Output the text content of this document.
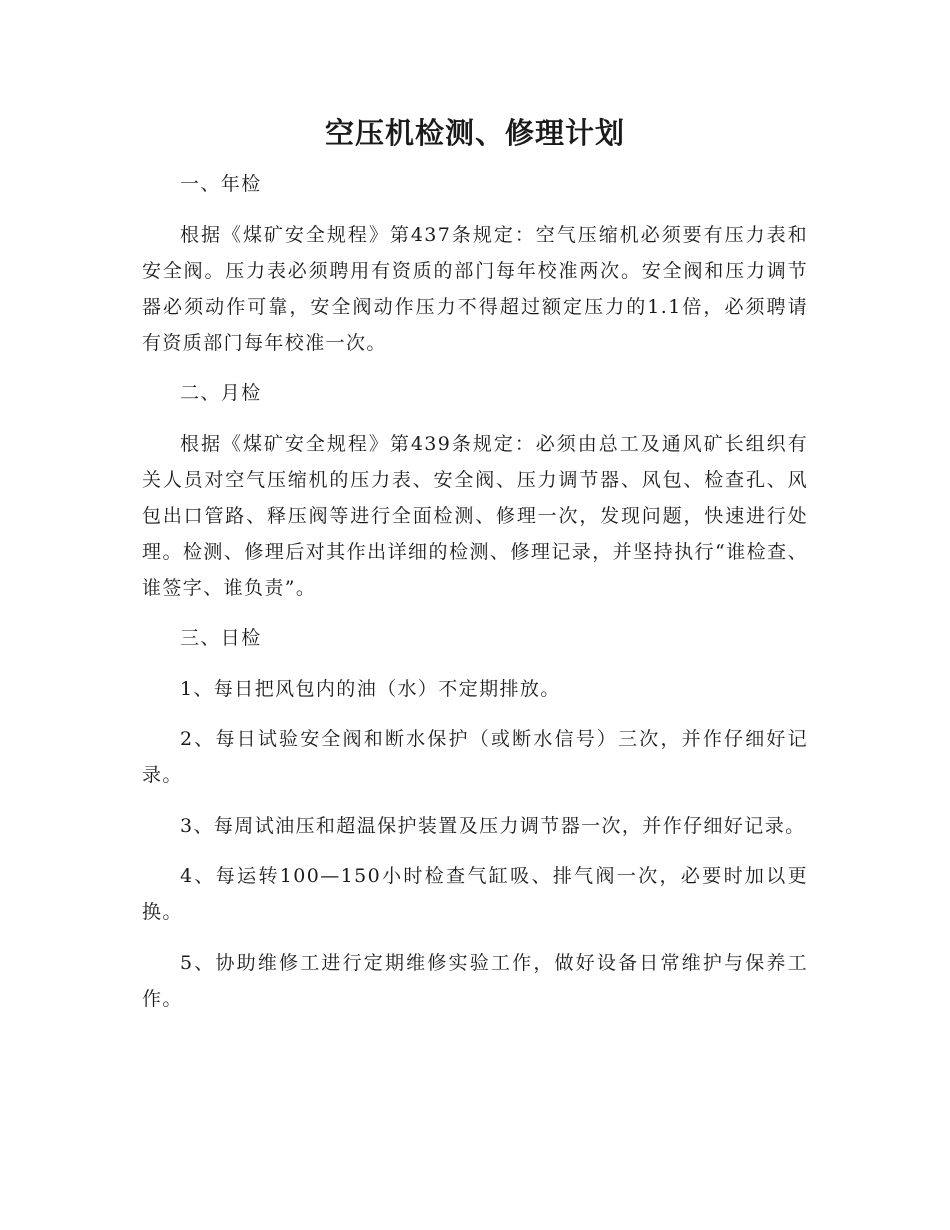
空压机检测、修理计划
一、年检

根据《煤矿安全规程》第437条规定：空气压缩机必须要有压力表和安全阀。压力表必须聘用有资质的部门每年校准两次。安全阀和压力调节器必须动作可靠，安全阀动作压力不得超过额定压力的1.1倍，必须聘请有资质部门每年校准一次。

二、月检

根据《煤矿安全规程》第439条规定：必须由总工及通风矿长组织有关人员对空气压缩机的压力表、安全阀、压力调节器、风包、检查孔、风包出口管路、释压阀等进行全面检测、修理一次，发现问题，快速进行处理。检测、修理后对其作出详细的检测、修理记录，并坚持执行“谁检查、谁签字、谁负责”。

三、日检

1、每日把风包内的油（水）不定期排放。

2、每日试验安全阀和断水保护（或断水信号）三次，并作仔细好记录。

3、每周试油压和超温保护装置及压力调节器一次，并作仔细好记录。

4、每运转100—150小时检查气缸吸、排气阀一次，必要时加以更换。

5、协助维修工进行定期维修实验工作，做好设备日常维护与保养工作。
